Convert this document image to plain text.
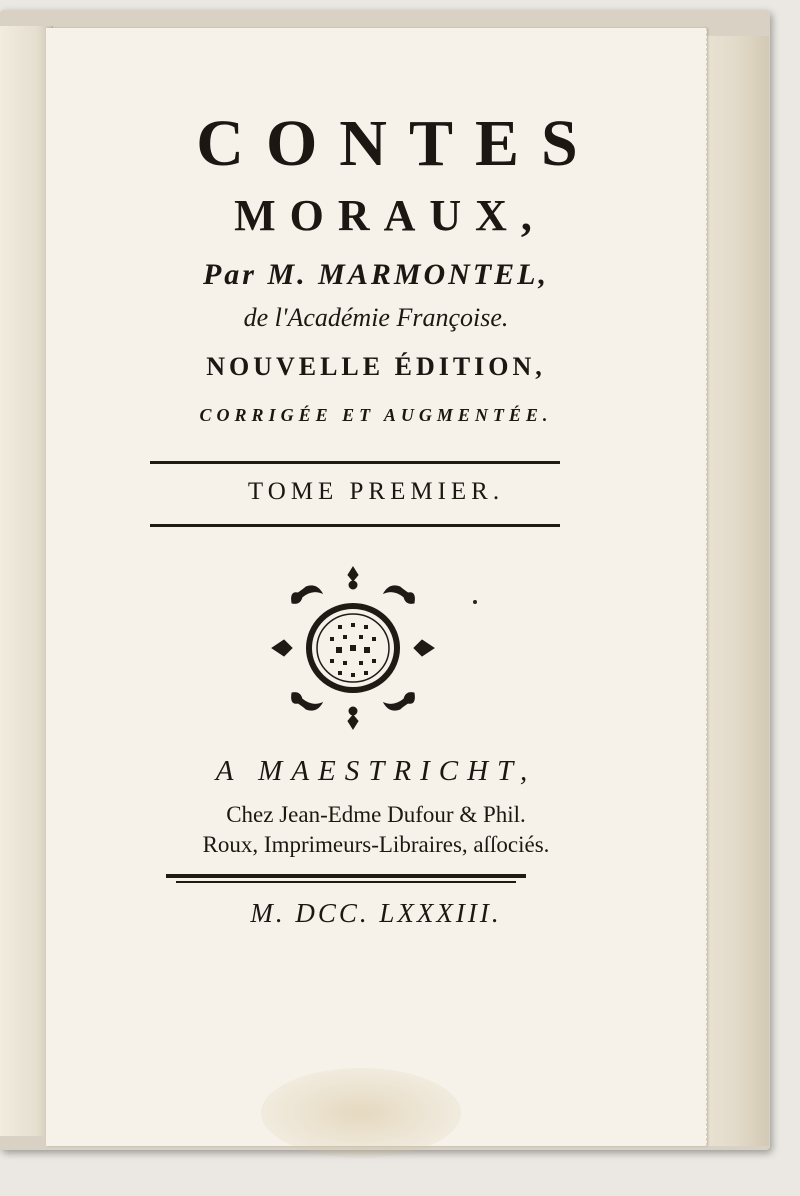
CONTES
MORAUX,
Par M. MARMONTEL,
de l'Académie Françoise.
NOUVELLE ÉDITION,
CORRIGÉE ET AUGMENTÉE.
TOME PREMIER.
A MAESTRICHT,
Chez Jean-Edme Dufour & Phil.
Roux, Imprimeurs-Libraires, aſſociés.
M. DCC. LXXXIII.
